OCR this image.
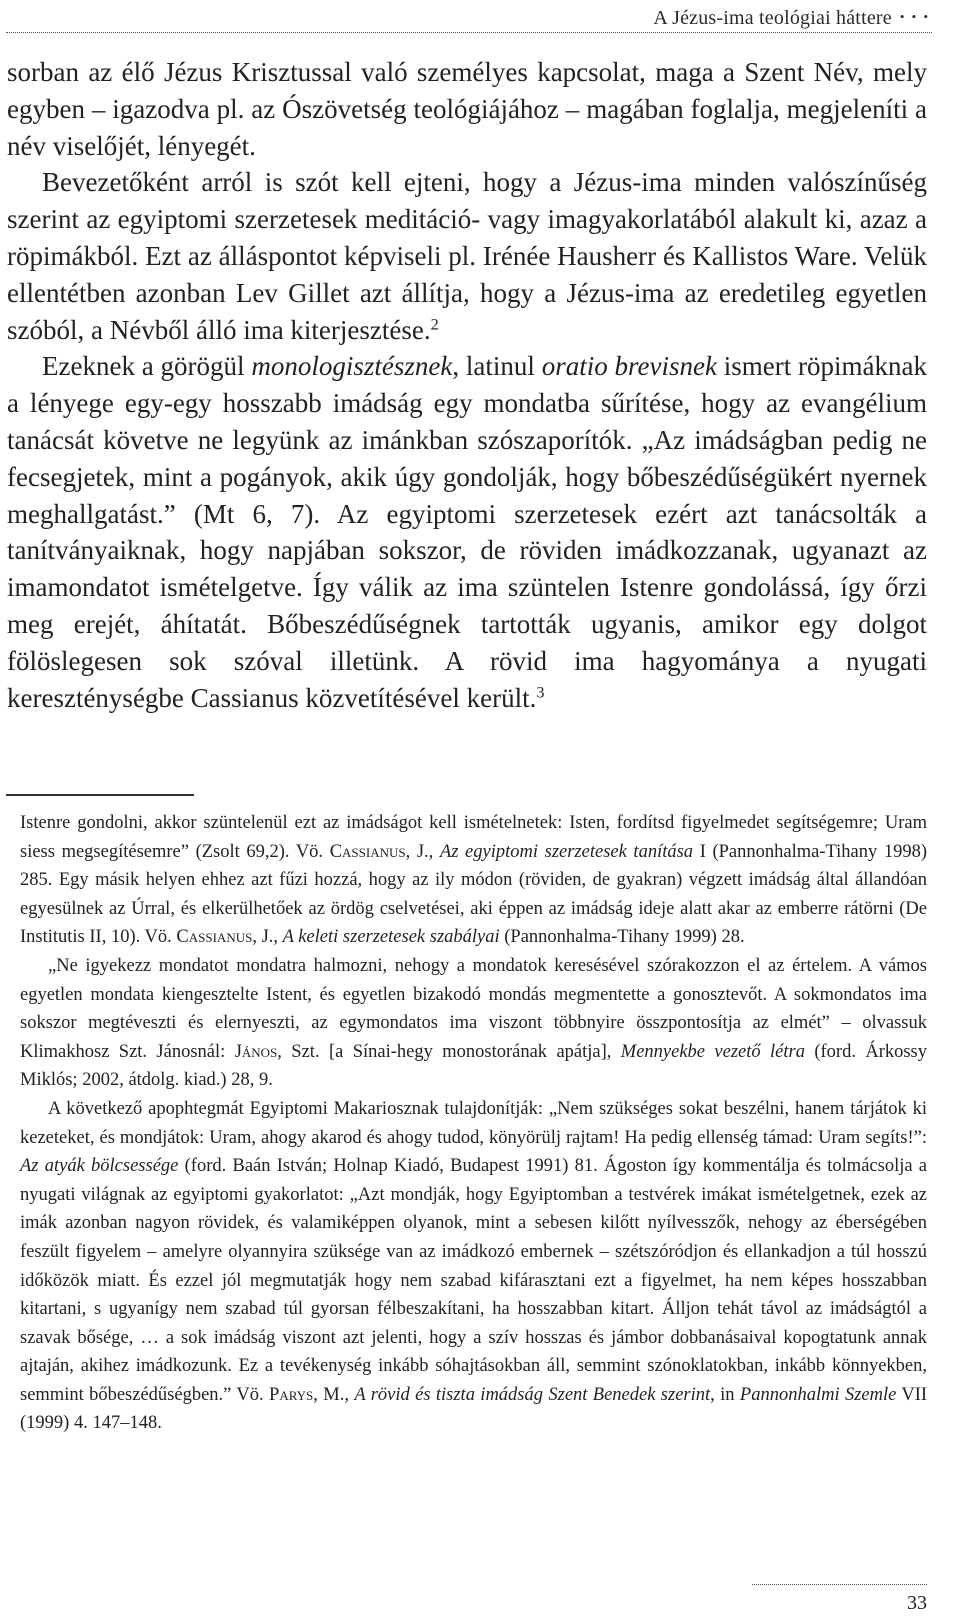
A Jézus-ima teológiai háttere • • •

sorban az élő Jézus Krisztussal való személyes kapcsolat, maga a Szent Név, mely egyben – igazodva pl. az Ószövetség teológiájához – magában foglalja, megjeleníti a név viselőjét, lényegét.

Bevezetőként arról is szót kell ejteni, hogy a Jézus-ima minden valószínűség szerint az egyiptomi szerzetesek meditáció- vagy imagyakorlatából alakult ki, azaz a röpimákból. Ezt az álláspontot képviseli pl. Irénée Hausherr és Kallistos Ware. Velük ellentétben azonban Lev Gillet azt állítja, hogy a Jézus-ima az eredetileg egyetlen szóból, a Névből álló ima kiterjesztése.$^2$

Ezeknek a görögül monologisztésznek, latinul oratio brevisnek ismert röpimáknak a lényege egy-egy hosszabb imádság egy mondatba sűrítése, hogy az evangélium tanácsát követve ne legyünk az imánkban szószaporítók. „Az imádságban pedig ne fecsegjetek, mint a pogányok, akik úgy gondolják, hogy bőbeszédűségükért nyernek meghallgatást.” (Mt 6, 7). Az egyiptomi szerzetesek ezért azt tanácsolták a tanítványaiknak, hogy napjában sokszor, de röviden imádkozzanak, ugyanazt az imamondatot ismételgetve. Így válik az ima szüntelen Istenre gondolássá, így őrzi meg erejét, áhítatát. Bőbeszédűségnek tartották ugyanis, amikor egy dolgot fölöslegesen sok szóval illetünk. A rövid ima hagyománya a nyugati kereszténységbe Cassianus közvetítésével került.$^3$

Istenre gondolni, akkor szüntelenül ezt az imádságot kell ismételnetek: Isten, fordítsd figyelmedet segítségemre; Uram siess megsegítésemre” (Zsolt 69,2). Vö. Cassianus, J., Az egyiptomi szerzetesek tanítása I (Pannonhalma-Tihany 1998) 285. Egy másik helyen ehhez azt fűzi hozzá, hogy az ily módon (röviden, de gyakran) végzett imádság által állandóan egyesülnek az Úrral, és elkerülhetőek az ördög cselvetései, aki éppen az imádság ideje alatt akar az emberre rátörni (De Institutis II, 10). Vö. Cassianus, J., A keleti szerzetesek szabályai (Pannonhalma-Tihany 1999) 28.

„Ne igyekezz mondatot mondatra halmozni, nehogy a mondatok keresésével szórakozzon el az értelem. A vámos egyetlen mondata kiengesztelte Istent, és egyetlen bizakodó mondás megmentette a gonosztevőt. A sokmondatos ima sokszor megtéveszti és elernyeszti, az egymondatos ima viszont többnyire összpontosítja az elmét” – olvassuk Klimakhosz Szt. Jánosnál: János, Szt. [a Sínai-hegy monostorának apátja], Mennyekbe vezető létra (ford. Árkossy Miklós; 2002, átdolg. kiad.) 28, 9.

A következő apophtegmát Egyiptomi Makariosznak tulajdonítják: „Nem szükséges sokat beszélni, hanem tárjátok ki kezeteket, és mondjátok: Uram, ahogy akarod és ahogy tudod, könyörülj rajtam! Ha pedig ellenség támad: Uram segíts!”: Az atyák bölcsessége (ford. Baán István; Holnap Kiadó, Budapest 1991) 81. Ágoston így kommentálja és tolmácsolja a nyugati világnak az egyiptomi gyakorlatot: „Azt mondják, hogy Egyiptomban a testvérek imákat ismételgetnek, ezek az imák azonban nagyon rövidek, és valamiképpen olyanok, mint a sebesen kilőtt nyílvesszők, nehogy az éberségében feszült figyelem – amelyre olyannyira szüksége van az imádkozó embernek – szétszóródjon és ellankadjon a túl hosszú időközök miatt. És ezzel jól megmutatják hogy nem szabad kifárasztani ezt a figyelmet, ha nem képes hosszabban kitartani, s ugyanígy nem szabad túl gyorsan félbeszakítani, ha hosszabban kitart. Álljon tehát távol az imádságtól a szavak bősége, … a sok imádság viszont azt jelenti, hogy a szív hosszas és jámbor dobbanásaival kopogtatunk annak ajtaján, akihez imádkozunk. Ez a tevékenység inkább sóhajtásokban áll, semmint szónoklatokban, inkább könnyekben, semmint bőbeszédűségben.” Vö. Parys, M., A rövid és tiszta imádság Szent Benedek szerint, in Pannonhalmi Szemle VII (1999) 4. 147–148.

33
